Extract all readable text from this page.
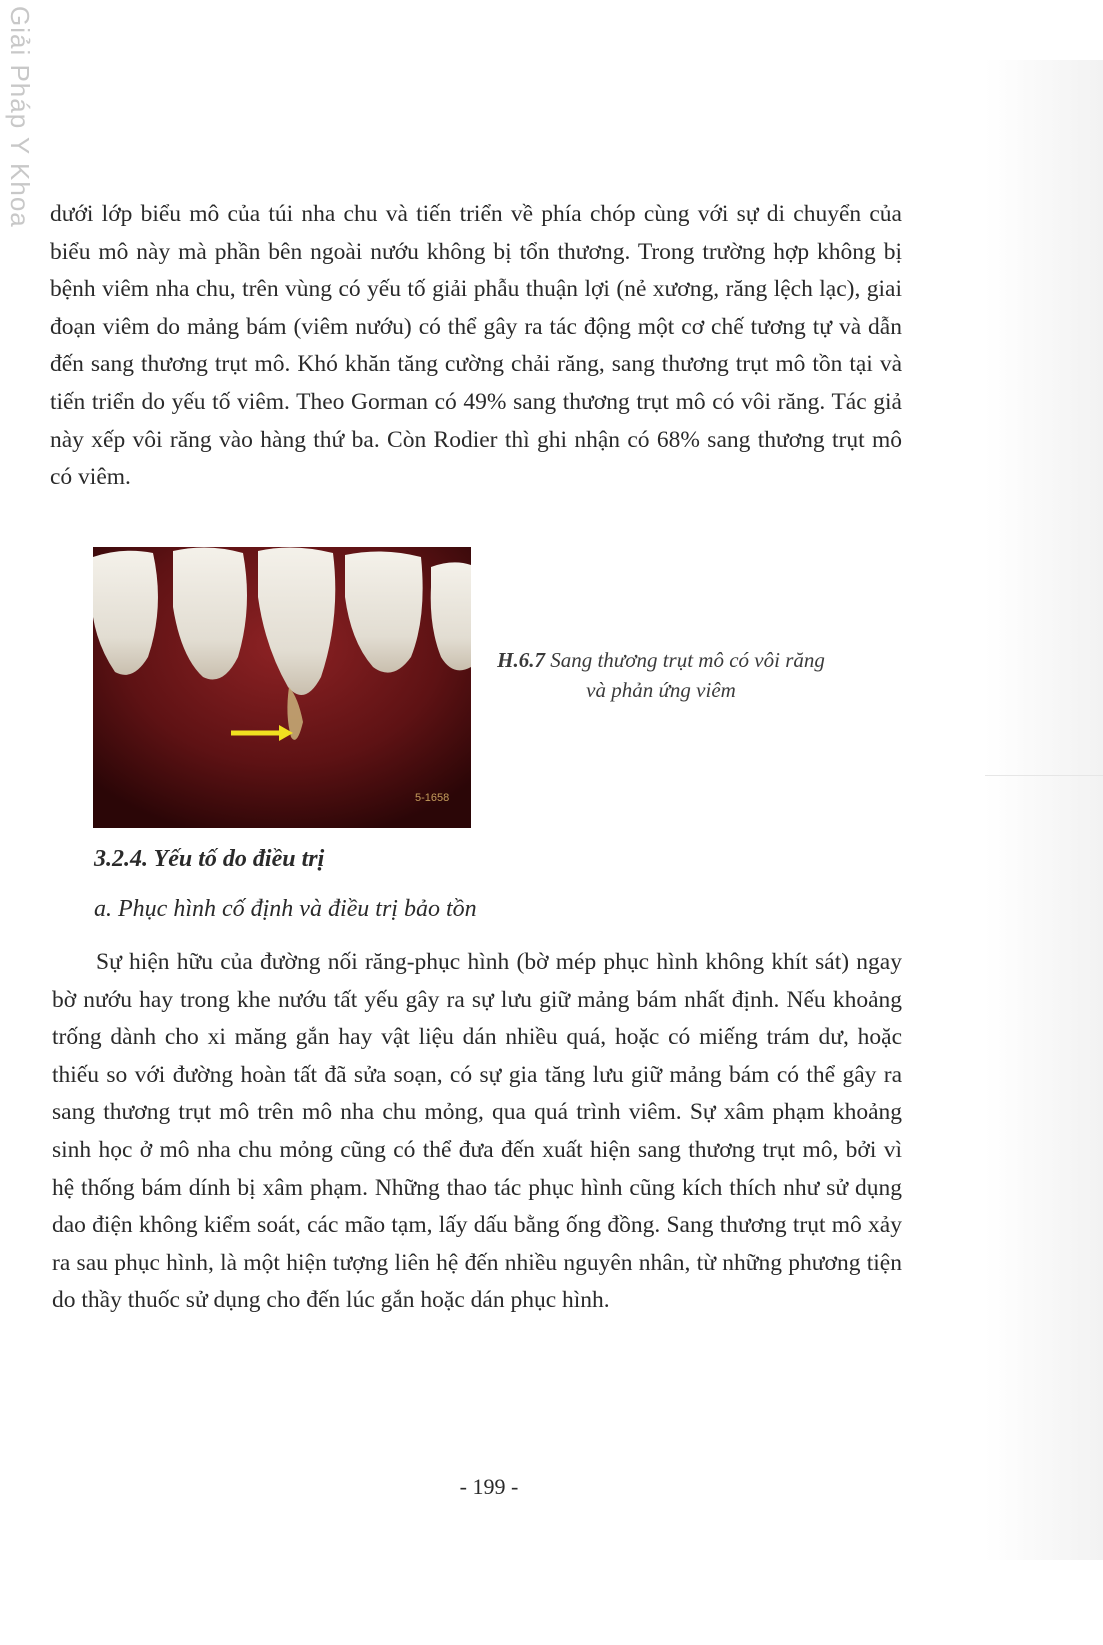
Giải Pháp Y Khoa dưới lớp biểu mô của túi nha chu và tiến triển về phía chóp cùng với sự di chuyển của biểu mô này mà phần bên ngoài nướu không bị tổn thương. Trong trường hợp không bị bệnh viêm nha chu, trên vùng có yếu tố giải phẫu thuận lợi (nẻ xương, răng lệch lạc), giai đoạn viêm do mảng bám (viêm nướu) có thể gây ra tác động một cơ chế tương tự và dẫn đến sang thương trụt mô. Khó khăn tăng cường chải răng, sang thương trụt mô tồn tại và tiến triển do yếu tố viêm. Theo Gorman có 49% sang thương trụt mô có vôi răng. Tác giả này xếp vôi răng vào hàng thứ ba. Còn Rodier thì ghi nhận có 68% sang thương trụt mô có viêm.

5-1658
H.6.7 Sang thương trụt mô có vôi răng và phản ứng viêm
3.2.4. Yếu tố do điều trị
a. Phục hình cố định và điều trị bảo tồn

Sự hiện hữu của đường nối răng-phục hình (bờ mép phục hình không khít sát) ngay bờ nướu hay trong khe nướu tất yếu gây ra sự lưu giữ mảng bám nhất định. Nếu khoảng trống dành cho xi măng gắn hay vật liệu dán nhiều quá, hoặc có miếng trám dư, hoặc thiếu so với đường hoàn tất đã sửa soạn, có sự gia tăng lưu giữ mảng bám có thể gây ra sang thương trụt mô trên mô nha chu mỏng, qua quá trình viêm. Sự xâm phạm khoảng sinh học ở mô nha chu mỏng cũng có thể đưa đến xuất hiện sang thương trụt mô, bởi vì hệ thống bám dính bị xâm phạm. Những thao tác phục hình cũng kích thích như sử dụng dao điện không kiểm soát, các mão tạm, lấy dấu bằng ống đồng. Sang thương trụt mô xảy ra sau phục hình, là một hiện tượng liên hệ đến nhiều nguyên nhân, từ những phương tiện do thầy thuốc sử dụng cho đến lúc gắn hoặc dán phục hình.

- 199 -
